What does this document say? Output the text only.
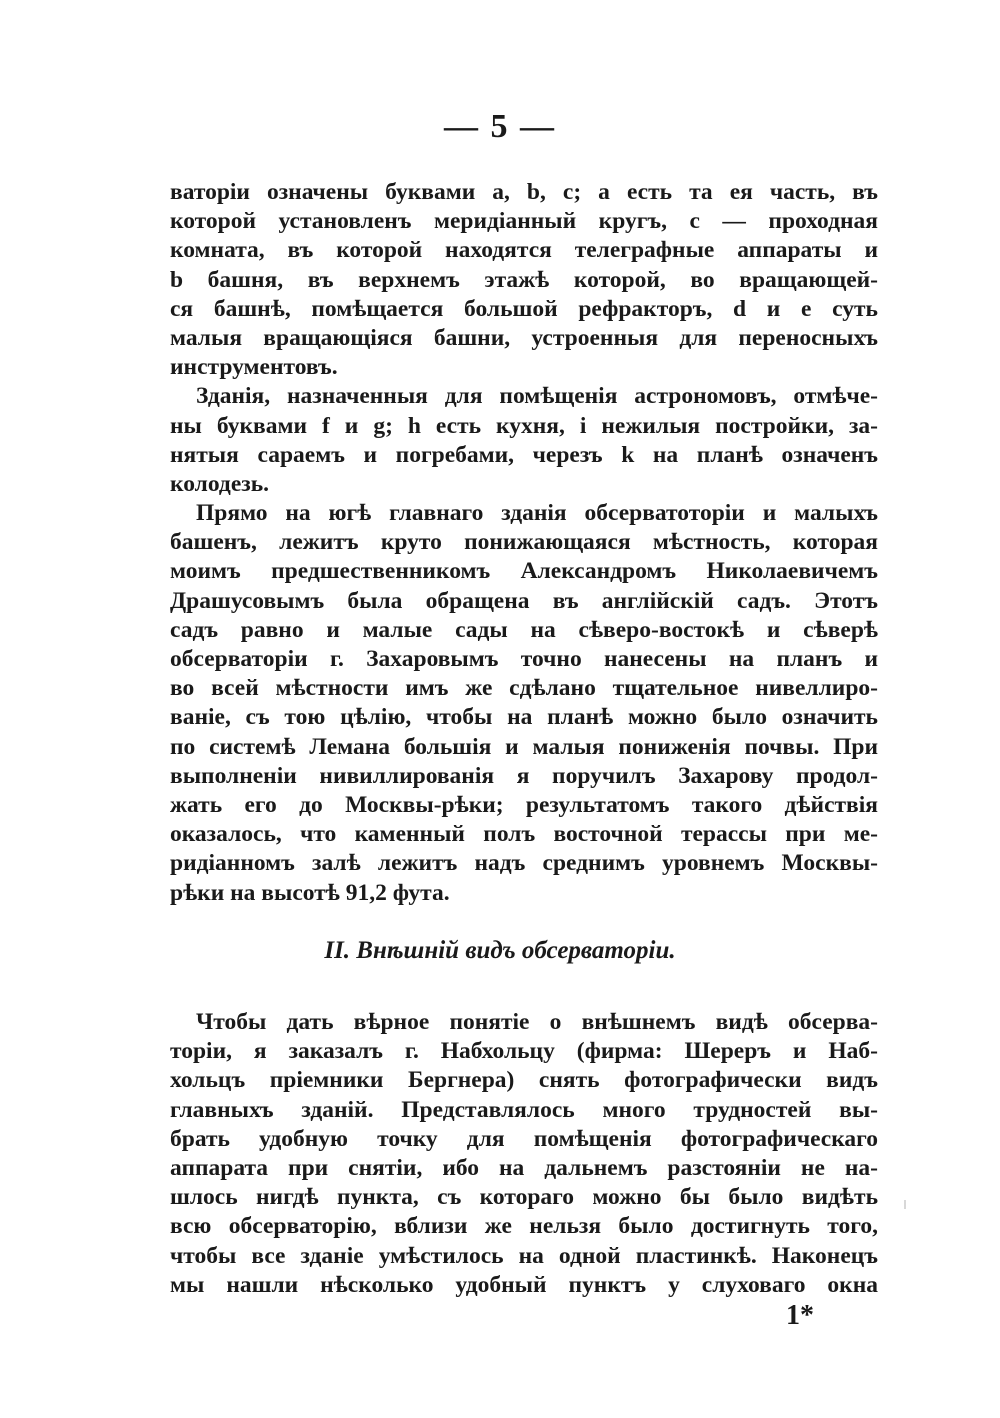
— 5 —
ваторіи означены буквами a, b, c; a есть та ея часть, въ
которой установленъ меридіанный кругъ, c — проходная
комната, въ которой находятся телеграфные аппараты и
b башня, въ верхнемъ этажѣ которой, во вращающей-
ся башнѣ, помѣщается большой рефракторъ, d и e суть
малыя вращающіяся башни, устроенныя для переносныхъ
инструментовъ.
Зданія, назначенныя для помѣщенія астрономовъ, отмѣче-
ны буквами f и g; h есть кухня, і нежилыя постройки, за-
нятыя сараемъ и погребами, черезъ k на планѣ означенъ
колодезь.
Прямо на югѣ главнаго зданія обсерватоторіи и малыхъ
башенъ, лежитъ круто понижающаяся мѣстность, которая
моимъ предшественникомъ Александромъ Николаевичемъ
Драшусовымъ была обращена въ англійскій садъ. Этотъ
садъ равно и малые сады на сѣверо-востокѣ и сѣверѣ
обсерваторіи г. Захаровымъ точно нанесены на планъ и
во всей мѣстности имъ же сдѣлано тщательное нивеллиро-
ваніе, съ тою цѣлію, чтобы на планѣ можно было означить
по системѣ Лемана большія и малыя пониженія почвы. При
выполненіи нивиллированія я поручилъ Захарову продол-
жать его до Москвы-рѣки; результатомъ такого дѣйствія
оказалось, что каменный полъ восточной терассы при ме-
ридіанномъ залѣ лежитъ надъ среднимъ уровнемъ Москвы-
рѣки на высотѣ 91,2 фута.
II. Внѣшній видъ обсерваторіи.
Чтобы дать вѣрное понятіе о внѣшнемъ видѣ обсерва-
торіи, я заказалъ г. Набхольцу (фирма: Шереръ и Наб-
хольцъ пріемники Бергнера) снять фотографически видъ
главныхъ зданій. Представлялось много трудностей вы-
брать удобную точку для помѣщенія фотографическаго
аппарата при снятіи, ибо на дальнемъ разстояніи не на-
шлось нигдѣ пункта, съ котораго можно бы было видѣть
всю обсерваторію, вблизи же нельзя было достигнуть того,
чтобы все зданіе умѣстилось на одной пластинкѣ. Наконецъ
мы нашли нѣсколько удобный пунктъ у слуховаго окна
1*
